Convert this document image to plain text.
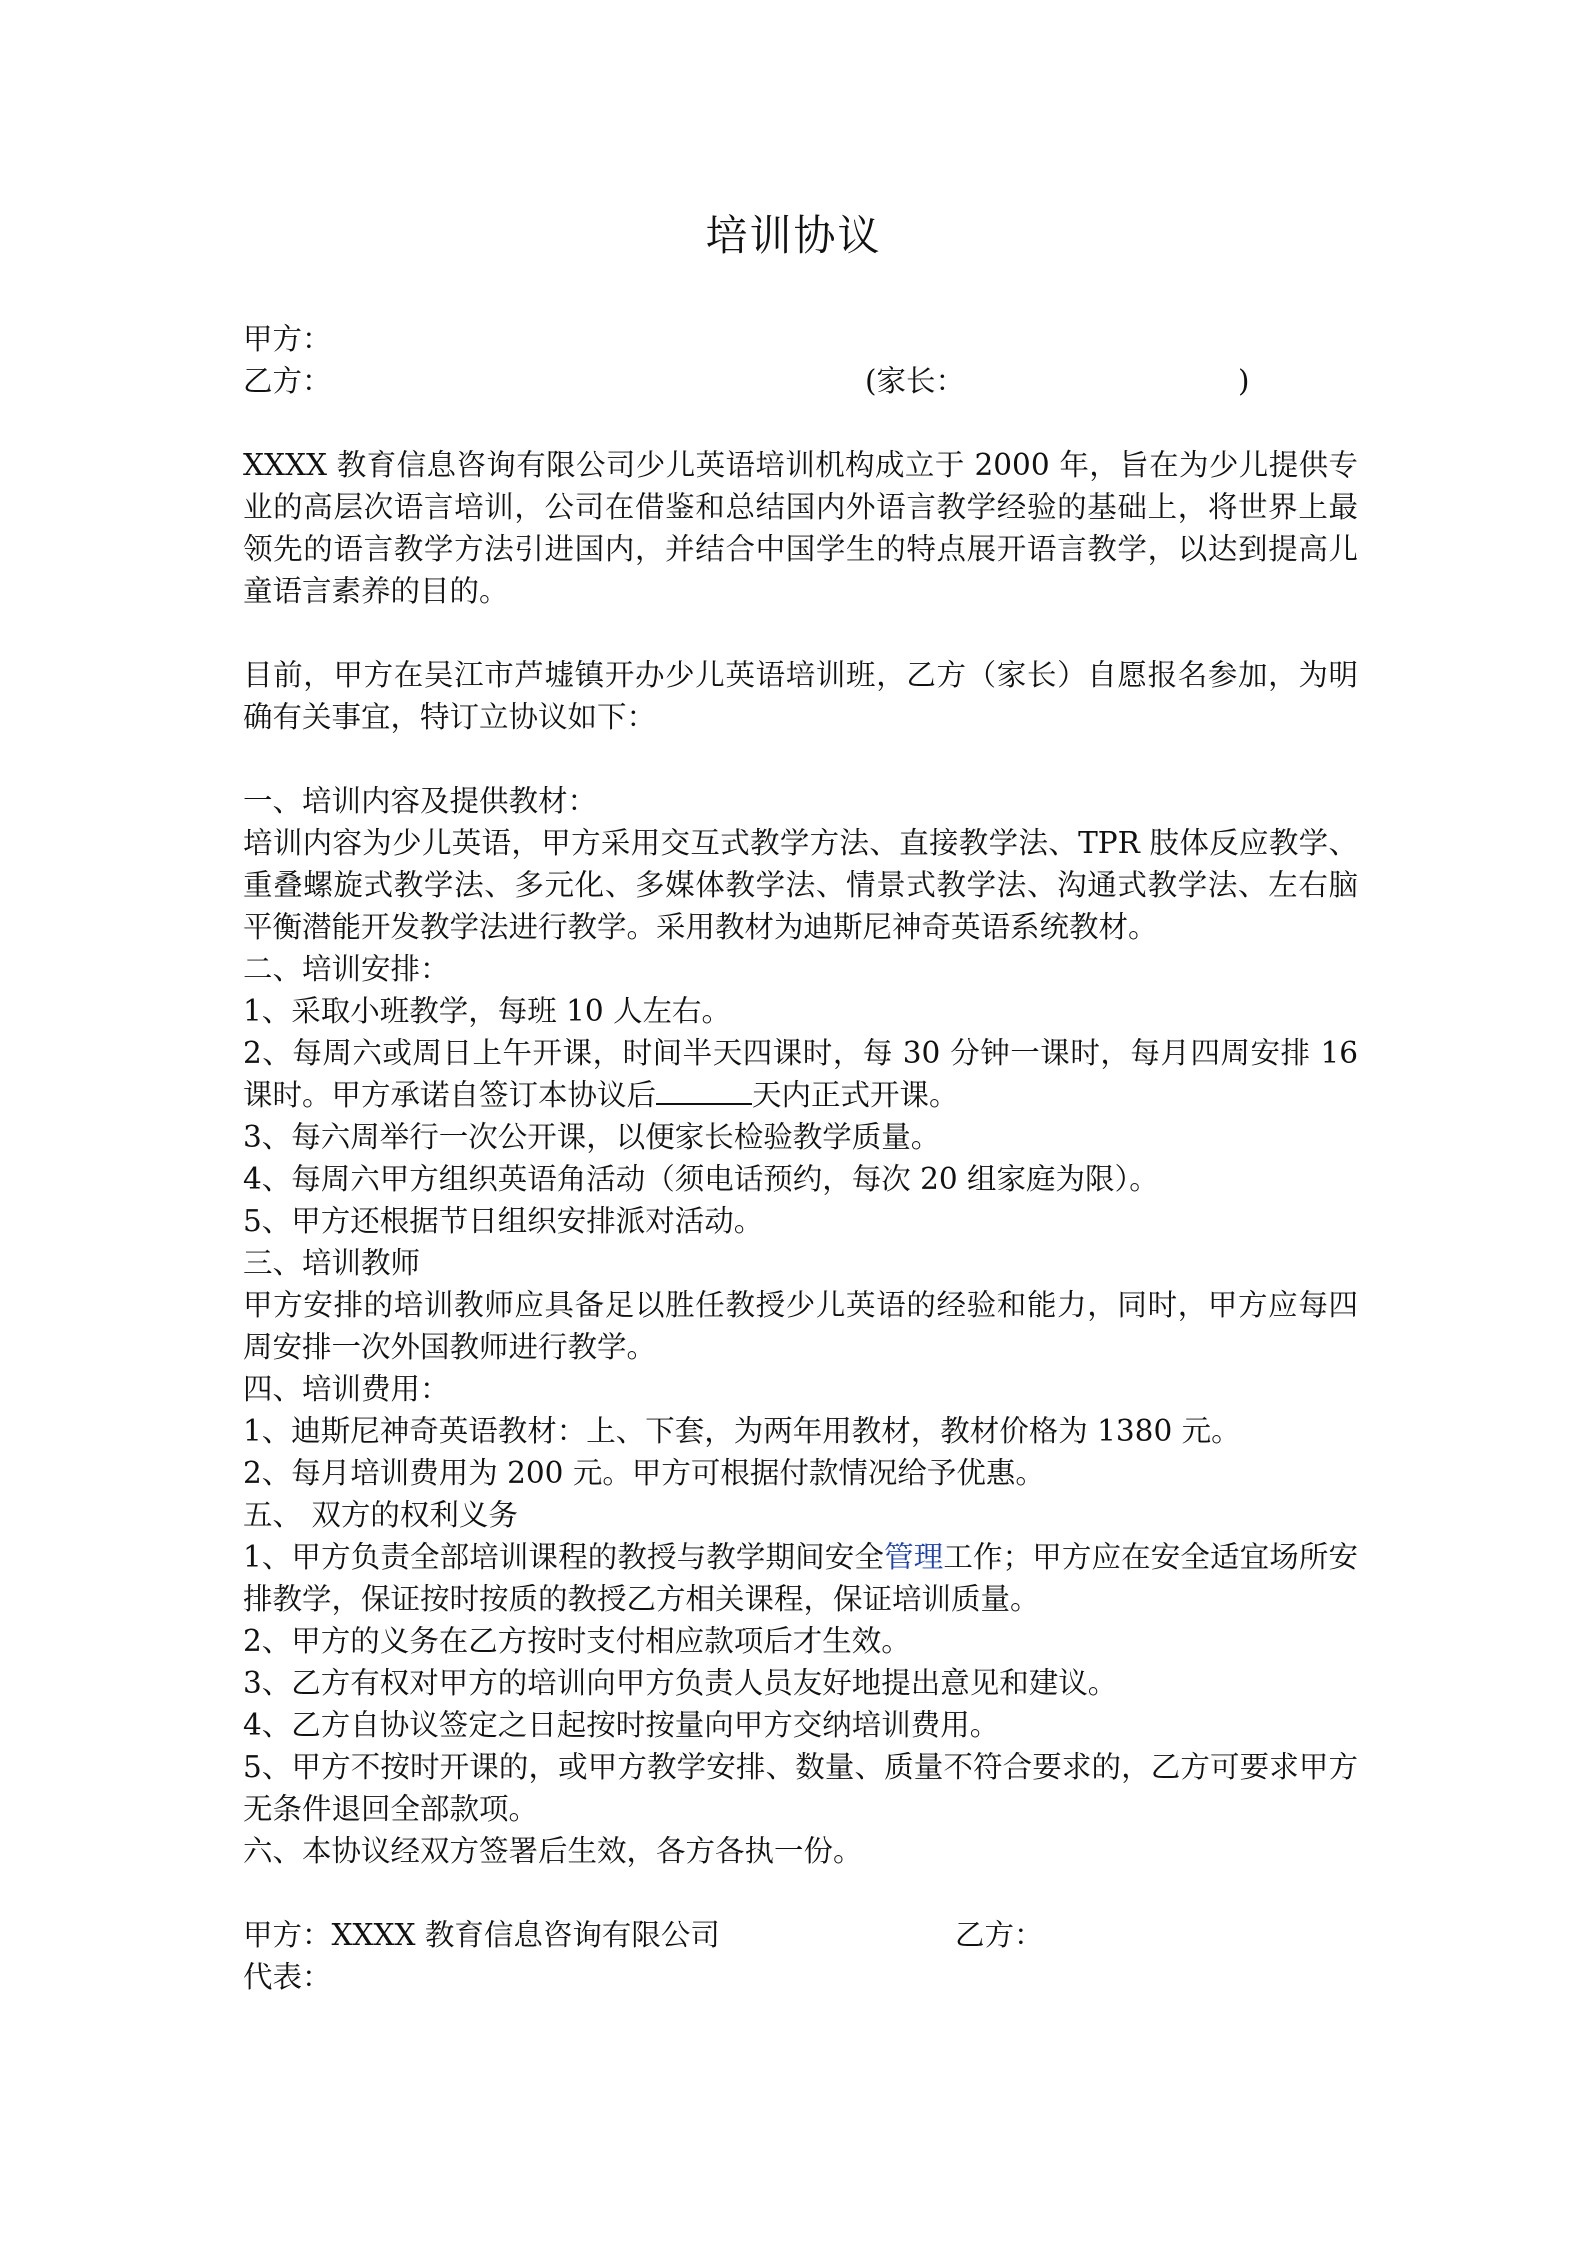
培训协议
甲方：
乙方：	(家长：	)
XXXX 教育信息咨询有限公司少儿英语培训机构成立于 2000 年，旨在为少儿提供专业的高层次语言培训，公司在借鉴和总结国内外语言教学经验的基础上，将世界上最领先的语言教学方法引进国内，并结合中国学生的特点展开语言教学，以达到提高儿童语言素养的目的。
目前，甲方在吴江市芦墟镇开办少儿英语培训班，乙方（家长）自愿报名参加，为明确有关事宜，特订立协议如下：
一、培训内容及提供教材：
培训内容为少儿英语，甲方采用交互式教学方法、直接教学法、TPR 肢体反应教学、重叠螺旋式教学法、多元化、多媒体教学法、情景式教学法、沟通式教学法、左右脑平衡潜能开发教学法进行教学。采用教材为迪斯尼神奇英语系统教材。
二、培训安排：
1、采取小班教学，每班 10 人左右。
2、每周六或周日上午开课，时间半天四课时，每 30 分钟一课时，每月四周安排 16 课时。甲方承诺自签订本协议后	天内正式开课。
3、每六周举行一次公开课，以便家长检验教学质量。
4、每周六甲方组织英语角活动（须电话预约，每次 20 组家庭为限）。
5、甲方还根据节日组织安排派对活动。
三、培训教师
甲方安排的培训教师应具备足以胜任教授少儿英语的经验和能力，同时，甲方应每四周安排一次外国教师进行教学。
四、培训费用：
1、迪斯尼神奇英语教材：上、下套，为两年用教材，教材价格为 1380 元。
2、每月培训费用为 200 元。甲方可根据付款情况给予优惠。
五、 双方的权利义务
1、甲方负责全部培训课程的教授与教学期间安全管理工作；甲方应在安全适宜场所安排教学，保证按时按质的教授乙方相关课程，保证培训质量。
2、甲方的义务在乙方按时支付相应款项后才生效。
3、乙方有权对甲方的培训向甲方负责人员友好地提出意见和建议。
4、乙方自协议签定之日起按时按量向甲方交纳培训费用。
5、甲方不按时开课的，或甲方教学安排、数量、质量不符合要求的，乙方可要求甲方无条件退回全部款项。
六、本协议经双方签署后生效，各方各执一份。
甲方：XXXX 教育信息咨询有限公司	乙方：
代表：
